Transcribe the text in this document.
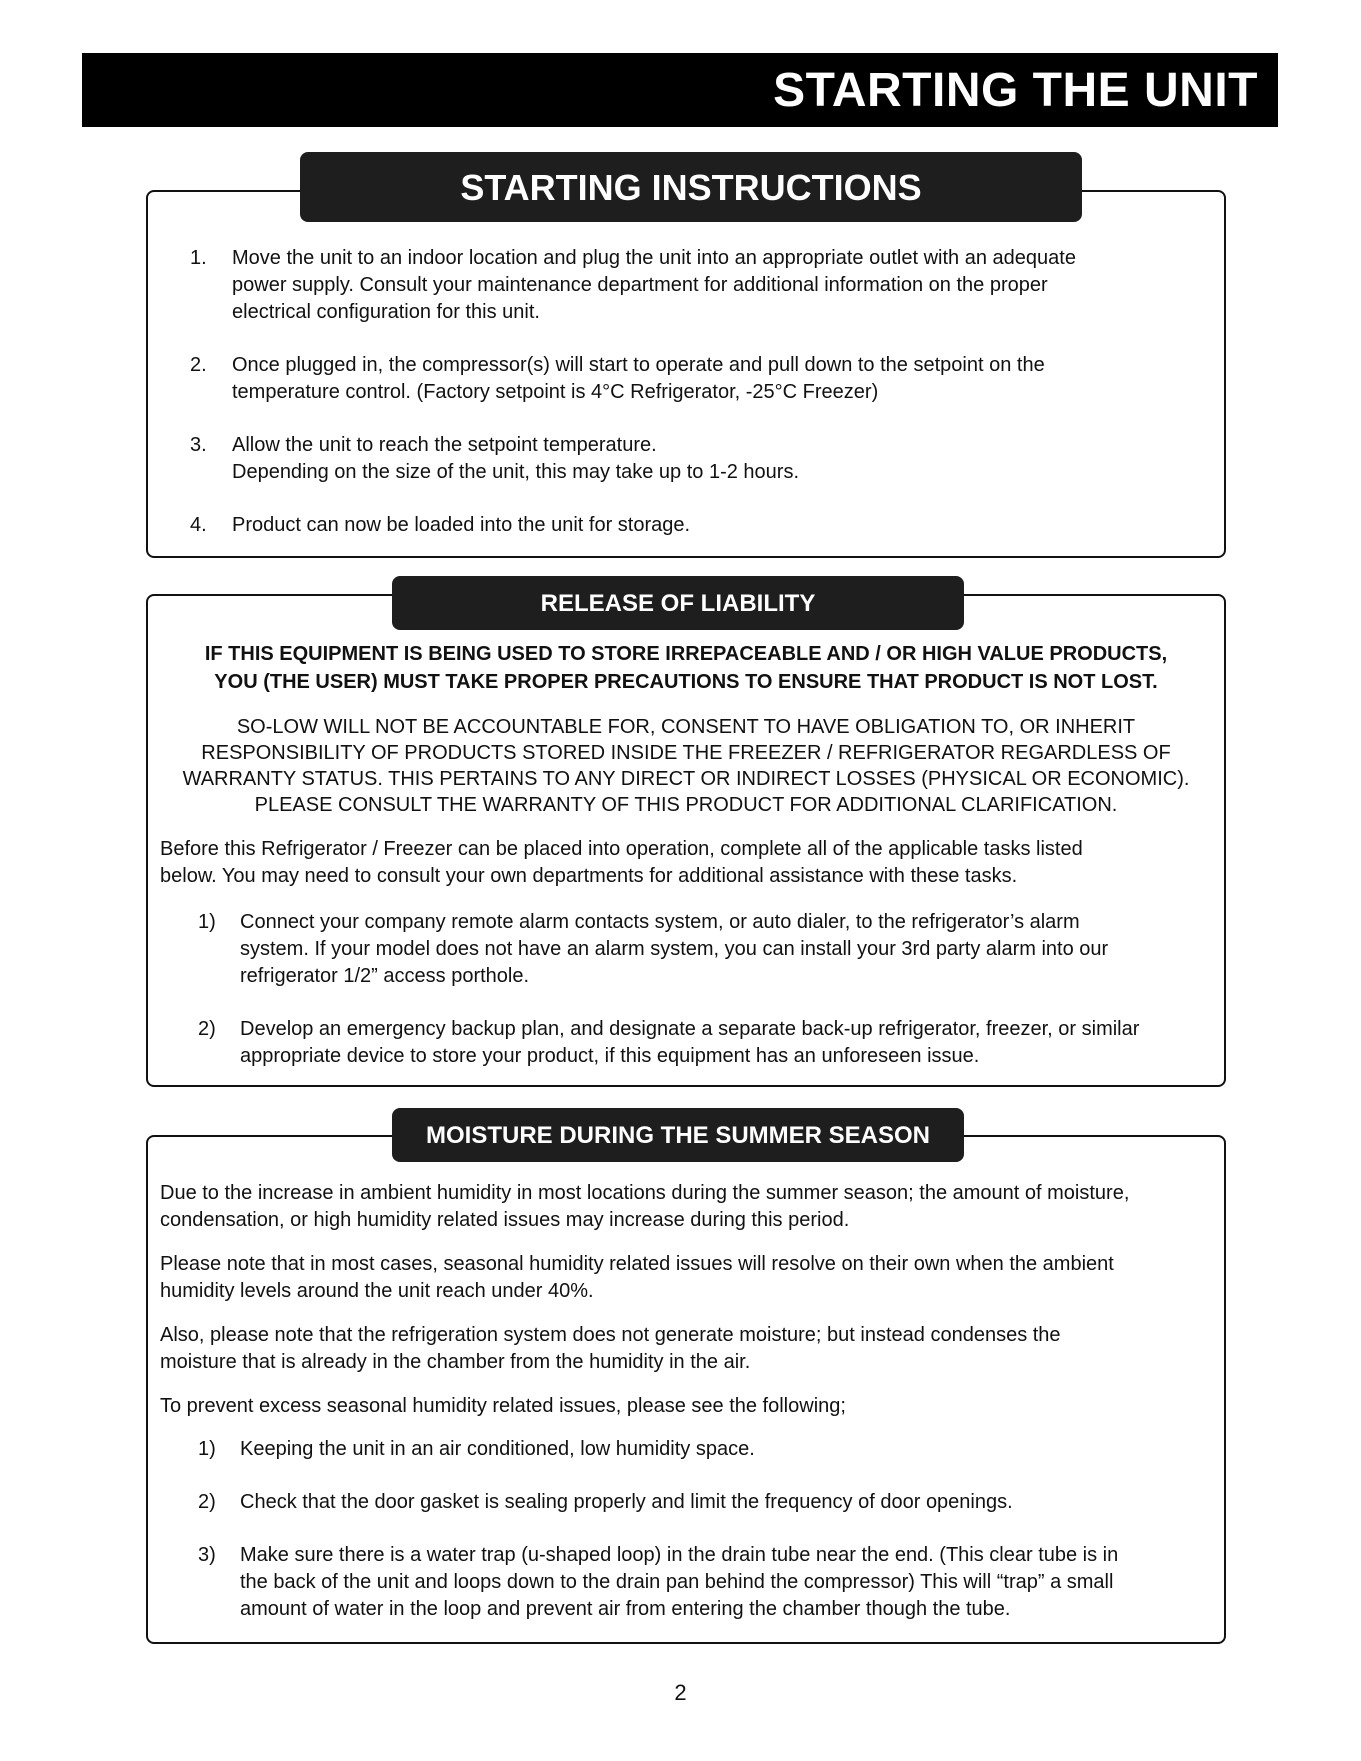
STARTING THE UNIT
STARTING INSTRUCTIONS
1. Move the unit to an indoor location and plug the unit into an appropriate outlet with an adequate
power supply. Consult your maintenance department for additional information on the proper
electrical configuration for this unit.
2. Once plugged in, the compressor(s) will start to operate and pull down to the setpoint on the
temperature control. (Factory setpoint is 4°C Refrigerator, -25°C Freezer)
3. Allow the unit to reach the setpoint temperature.
Depending on the size of the unit, this may take up to 1-2 hours.
4. Product can now be loaded into the unit for storage.
RELEASE OF LIABILITY
IF THIS EQUIPMENT IS BEING USED TO STORE IRREPACEABLE AND / OR HIGH VALUE PRODUCTS,
YOU (THE USER) MUST TAKE PROPER PRECAUTIONS TO ENSURE THAT PRODUCT IS NOT LOST.
SO-LOW WILL NOT BE ACCOUNTABLE FOR, CONSENT TO HAVE OBLIGATION TO, OR INHERIT
RESPONSIBILITY OF PRODUCTS STORED INSIDE THE FREEZER / REFRIGERATOR REGARDLESS OF
WARRANTY STATUS. THIS PERTAINS TO ANY DIRECT OR INDIRECT LOSSES (PHYSICAL OR ECONOMIC).
PLEASE CONSULT THE WARRANTY OF THIS PRODUCT FOR ADDITIONAL CLARIFICATION.
Before this Refrigerator / Freezer can be placed into operation, complete all of the applicable tasks listed
below. You may need to consult your own departments for additional assistance with these tasks.
1) Connect your company remote alarm contacts system, or auto dialer, to the refrigerator’s alarm
system. If your model does not have an alarm system, you can install your 3rd party alarm into our
refrigerator 1/2” access porthole.
2) Develop an emergency backup plan, and designate a separate back-up refrigerator, freezer, or similar
appropriate device to store your product, if this equipment has an unforeseen issue.
MOISTURE DURING THE SUMMER SEASON
Due to the increase in ambient humidity in most locations during the summer season; the amount of moisture,
condensation, or high humidity related issues may increase during this period.
Please note that in most cases, seasonal humidity related issues will resolve on their own when the ambient
humidity levels around the unit reach under 40%.
Also, please note that the refrigeration system does not generate moisture; but instead condenses the
moisture that is already in the chamber from the humidity in the air.
To prevent excess seasonal humidity related issues, please see the following;
1) Keeping the unit in an air conditioned, low humidity space.
2) Check that the door gasket is sealing properly and limit the frequency of door openings.
3) Make sure there is a water trap (u-shaped loop) in the drain tube near the end. (This clear tube is in
the back of the unit and loops down to the drain pan behind the compressor) This will “trap” a small
amount of water in the loop and prevent air from entering the chamber though the tube.
2
